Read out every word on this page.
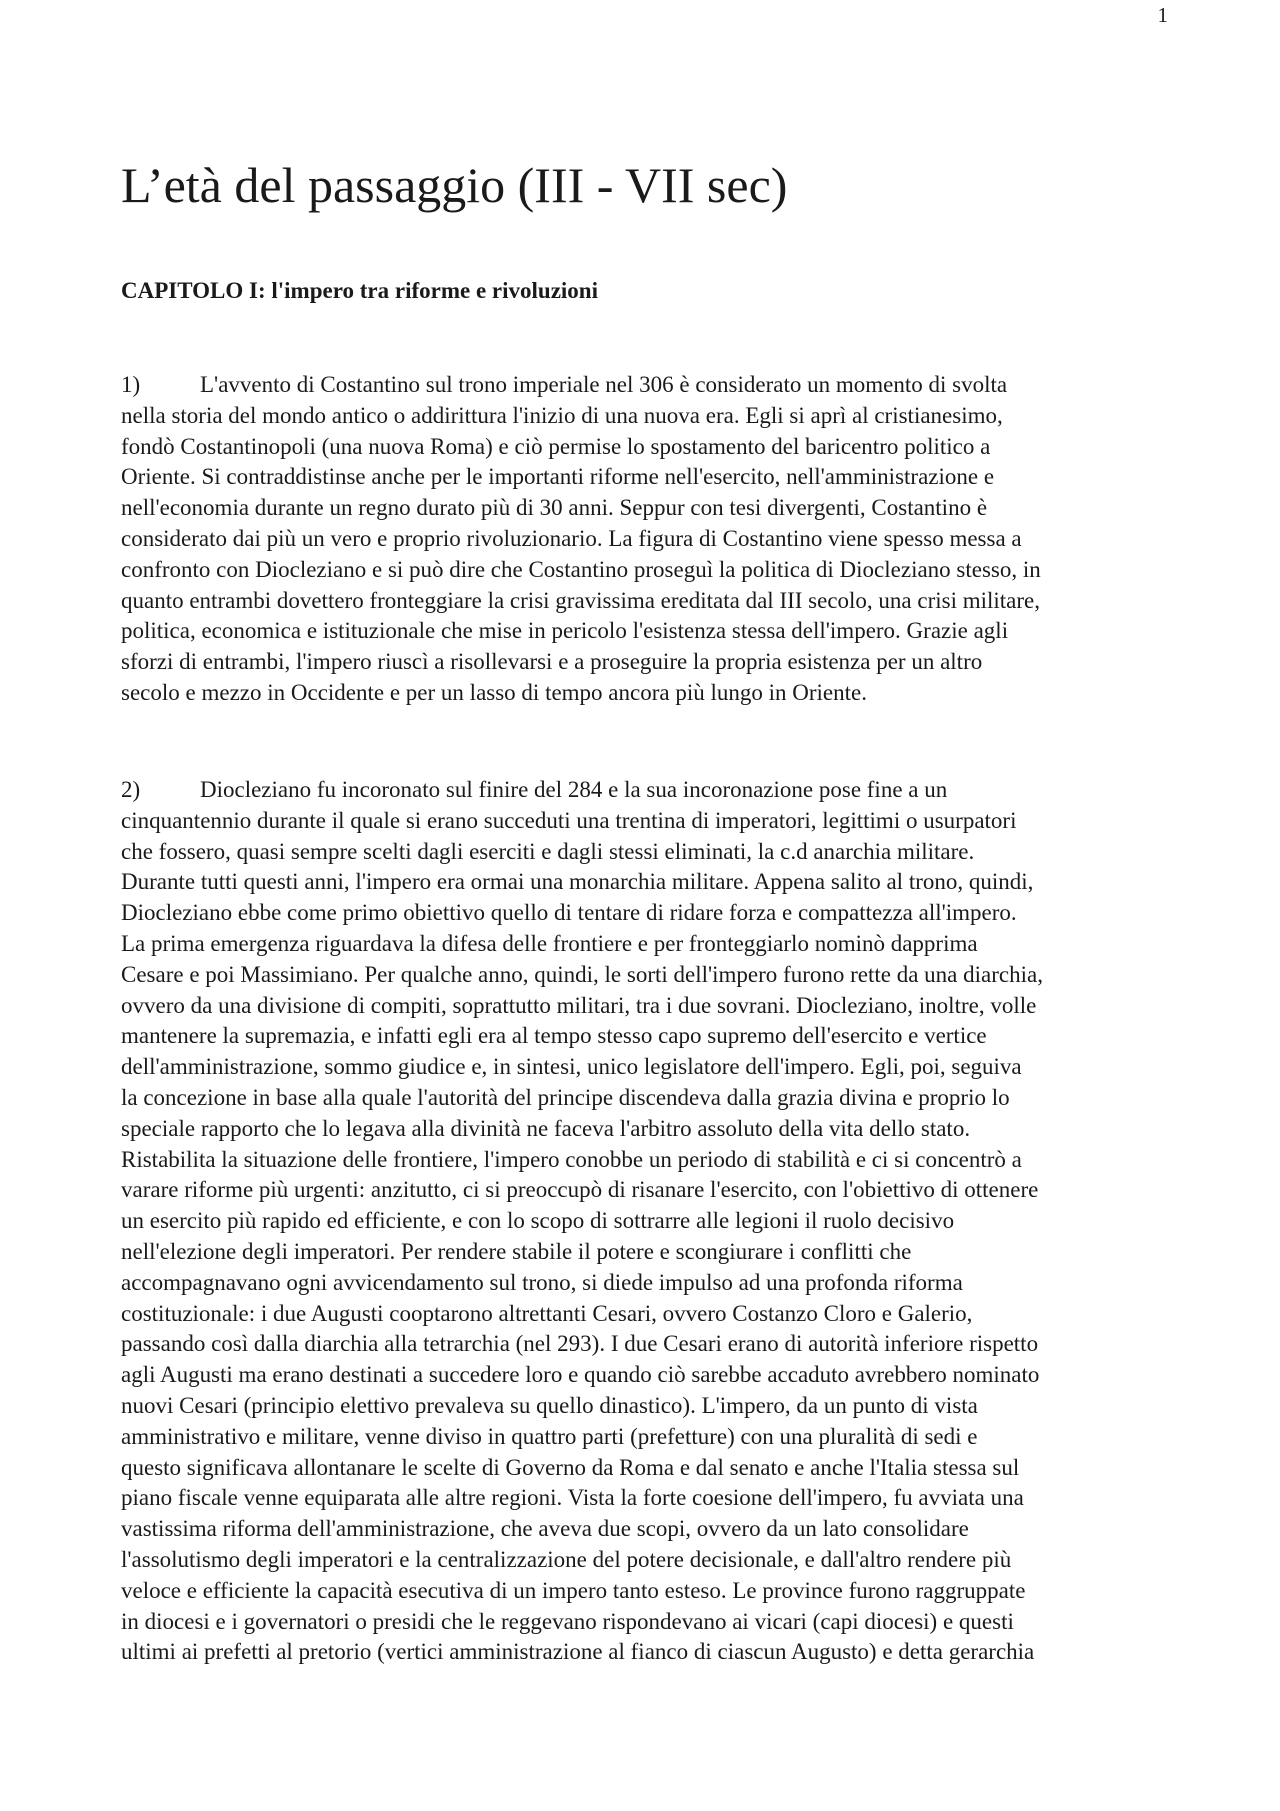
1
L’età del passaggio (III - VII sec)
CAPITOLO I: l'impero tra riforme e rivoluzioni
1)	L'avvento di Costantino sul trono imperiale nel 306 è considerato un momento di svolta
nella storia del mondo antico o addirittura l'inizio di una nuova era. Egli si aprì al cristianesimo,
fondò Costantinopoli (una nuova Roma) e ciò permise lo spostamento del baricentro politico a
Oriente. Si contraddistinse anche per le importanti riforme nell'esercito, nell'amministrazione e
nell'economia durante un regno durato più di 30 anni. Seppur con tesi divergenti, Costantino è
considerato dai più un vero e proprio rivoluzionario. La figura di Costantino viene spesso messa a
confronto con Diocleziano e si può dire che Costantino proseguì la politica di Diocleziano stesso, in
quanto entrambi dovettero fronteggiare la crisi gravissima ereditata dal III secolo, una crisi militare,
politica, economica e istituzionale che mise in pericolo l'esistenza stessa dell'impero. Grazie agli
sforzi di entrambi, l'impero riuscì a risollevarsi e a proseguire la propria esistenza per un altro
secolo e mezzo in Occidente e per un lasso di tempo ancora più lungo in Oriente.
2)	Diocleziano fu incoronato sul finire del 284 e la sua incoronazione pose fine a un
cinquantennio durante il quale si erano succeduti una trentina di imperatori, legittimi o usurpatori
che fossero, quasi sempre scelti dagli eserciti e dagli stessi eliminati, la c.d anarchia militare.
Durante tutti questi anni, l'impero era ormai una monarchia militare. Appena salito al trono, quindi,
Diocleziano ebbe come primo obiettivo quello di tentare di ridare forza e compattezza all'impero.
La prima emergenza riguardava la difesa delle frontiere e per fronteggiarlo nominò dapprima
Cesare e poi Massimiano. Per qualche anno, quindi, le sorti dell'impero furono rette da una diarchia,
ovvero da una divisione di compiti, soprattutto militari, tra i due sovrani. Diocleziano, inoltre, volle
mantenere la supremazia, e infatti egli era al tempo stesso capo supremo dell'esercito e vertice
dell'amministrazione, sommo giudice e, in sintesi, unico legislatore dell'impero. Egli, poi, seguiva
la concezione in base alla quale l'autorità del principe discendeva dalla grazia divina e proprio lo
speciale rapporto che lo legava alla divinità ne faceva l'arbitro assoluto della vita dello stato.
Ristabilita la situazione delle frontiere, l'impero conobbe un periodo di stabilità e ci si concentrò a
varare riforme più urgenti: anzitutto, ci si preoccupò di risanare l'esercito, con l'obiettivo di ottenere
un esercito più rapido ed efficiente, e con lo scopo di sottrarre alle legioni il ruolo decisivo
nell'elezione degli imperatori. Per rendere stabile il potere e scongiurare i conflitti che
accompagnavano ogni avvicendamento sul trono, si diede impulso ad una profonda riforma
costituzionale: i due Augusti cooptarono altrettanti Cesari, ovvero Costanzo Cloro e Galerio,
passando così dalla diarchia alla tetrarchia (nel 293). I due Cesari erano di autorità inferiore rispetto
agli Augusti ma erano destinati a succedere loro e quando ciò sarebbe accaduto avrebbero nominato
nuovi Cesari (principio elettivo prevaleva su quello dinastico). L'impero, da un punto di vista
amministrativo e militare, venne diviso in quattro parti (prefetture) con una pluralità di sedi e
questo significava allontanare le scelte di Governo da Roma e dal senato e anche l'Italia stessa sul
piano fiscale venne equiparata alle altre regioni. Vista la forte coesione dell'impero, fu avviata una
vastissima riforma dell'amministrazione, che aveva due scopi, ovvero da un lato consolidare
l'assolutismo degli imperatori e la centralizzazione del potere decisionale, e dall'altro rendere più
veloce e efficiente la capacità esecutiva di un impero tanto esteso. Le province furono raggruppate
in diocesi e i governatori o presidi che le reggevano rispondevano ai vicari (capi diocesi) e questi
ultimi ai prefetti al pretorio (vertici amministrazione al fianco di ciascun Augusto) e detta gerarchia
